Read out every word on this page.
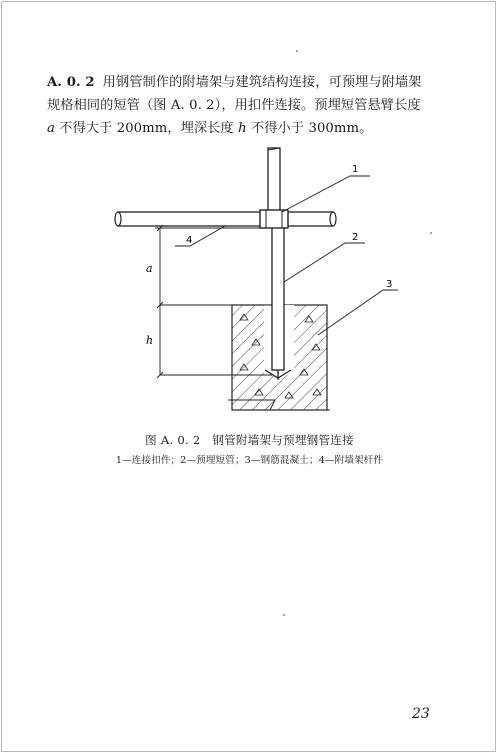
A. 0. 2 用钢管制作的附墙架与建筑结构连接，可预埋与附墙架
规格相同的短管（图 A. 0. 2），用扣件连接。预埋短管悬臂长度
a 不得大于 200mm，埋深长度 h 不得小于 300mm。
a
h
1
2
3
4
图 A. 0. 2　钢管附墙架与预埋钢管连接
1—连接扣件；2—预埋短管；3—钢筋混凝土；4—附墙架杆件
23
